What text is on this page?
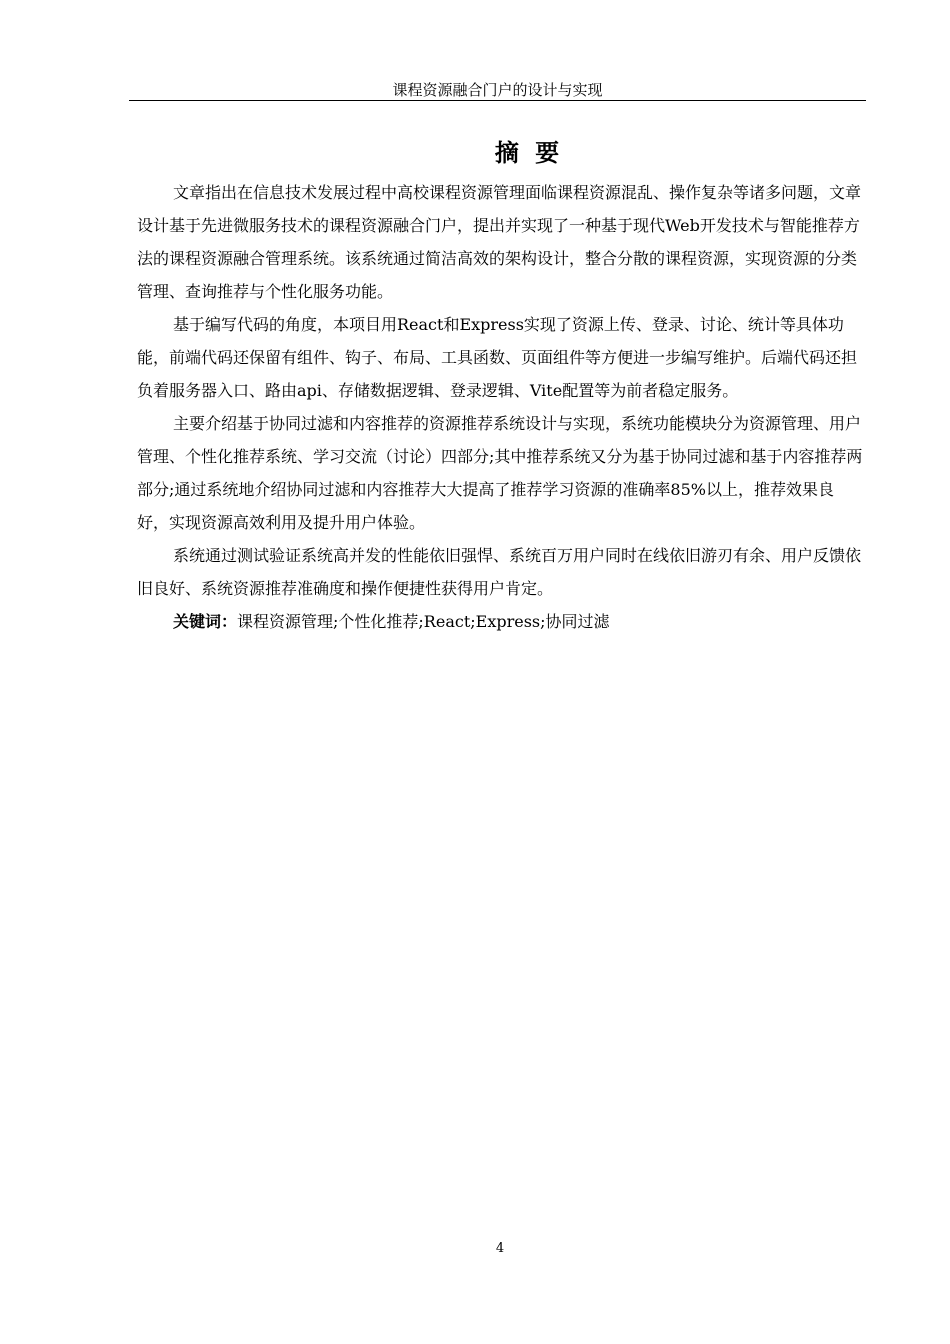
课程资源融合门户的设计与实现
摘 要

文章指出在信息技术发展过程中高校课程资源管理面临课程资源混乱、操作复杂等诸多问题，文章设计基于先进微服务技术的课程资源融合门户，提出并实现了一种基于现代Web开发技术与智能推荐方法的课程资源融合管理系统。该系统通过简洁高效的架构设计，整合分散的课程资源，实现资源的分类管理、查询推荐与个性化服务功能。

基于编写代码的角度，本项目用React和Express实现了资源上传、登录、讨论、统计等具体功能，前端代码还保留有组件、钩子、布局、工具函数、页面组件等方便进一步编写维护。后端代码还担负着服务器入口、路由api、存储数据逻辑、登录逻辑、Vite配置等为前者稳定服务。

主要介绍基于协同过滤和内容推荐的资源推荐系统设计与实现，系统功能模块分为资源管理、用户管理、个性化推荐系统、学习交流（讨论）四部分;其中推荐系统又分为基于协同过滤和基于内容推荐两部分;通过系统地介绍协同过滤和内容推荐大大提高了推荐学习资源的准确率85%以上，推荐效果良好，实现资源高效利用及提升用户体验。

系统通过测试验证系统高并发的性能依旧强悍、系统百万用户同时在线依旧游刃有余、用户反馈依旧良好、系统资源推荐准确度和操作便捷性获得用户肯定。

关键词：课程资源管理;个性化推荐;React;Express;协同过滤

4
